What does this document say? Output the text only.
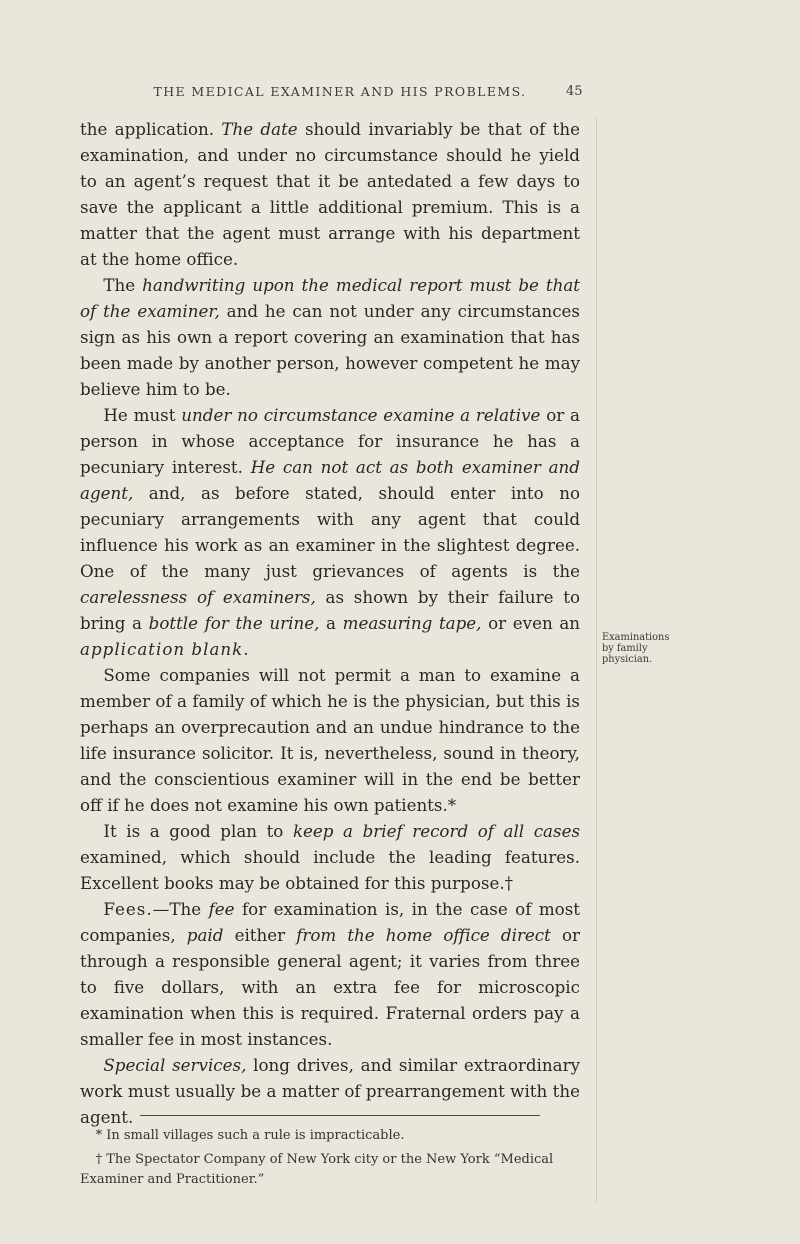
THE MEDICAL EXAMINER AND HIS PROBLEMS.	45

the application. The date should invariably be that of the examination, and under no circumstance should he yield to an agent’s request that it be antedated a few days to save the applicant a little additional premium. This is a matter that the agent must arrange with his department at the home office.

The handwriting upon the medical report must be that of the examiner, and he can not under any circumstances sign as his own a report covering an examination that has been made by another person, however competent he may believe him to be.

He must under no circumstance examine a relative or a person in whose acceptance for insurance he has a pecuniary interest. He can not act as both examiner and agent, and, as before stated, should enter into no pecuniary arrangements with any agent that could influence his work as an examiner in the slightest degree. One of the many just grievances of agents is the carelessness of examiners, as shown by their failure to bring a bottle for the urine, a measuring tape, or even an application blank.

Some companies will not permit a man to examine a member of a family of which he is the physician, but this is perhaps an overprecaution and an undue hindrance to the life insurance solicitor. It is, nevertheless, sound in theory, and the conscientious examiner will in the end be better off if he does not examine his own patients.*

It is a good plan to keep a brief record of all cases examined, which should include the leading features. Excellent books may be obtained for this purpose.†

Fees.—The fee for examination is, in the case of most companies, paid either from the home office direct or through a responsible general agent; it varies from three to five dollars, with an extra fee for microscopic examination when this is required. Fraternal orders pay a smaller fee in most instances.

Special services, long drives, and similar extraordinary work must usually be a matter of prearrangement with the agent.

Examinations by family physician.

* In small villages such a rule is impracticable.

† The Spectator Company of New York city or the New York “Medical Examiner and Practitioner.”
